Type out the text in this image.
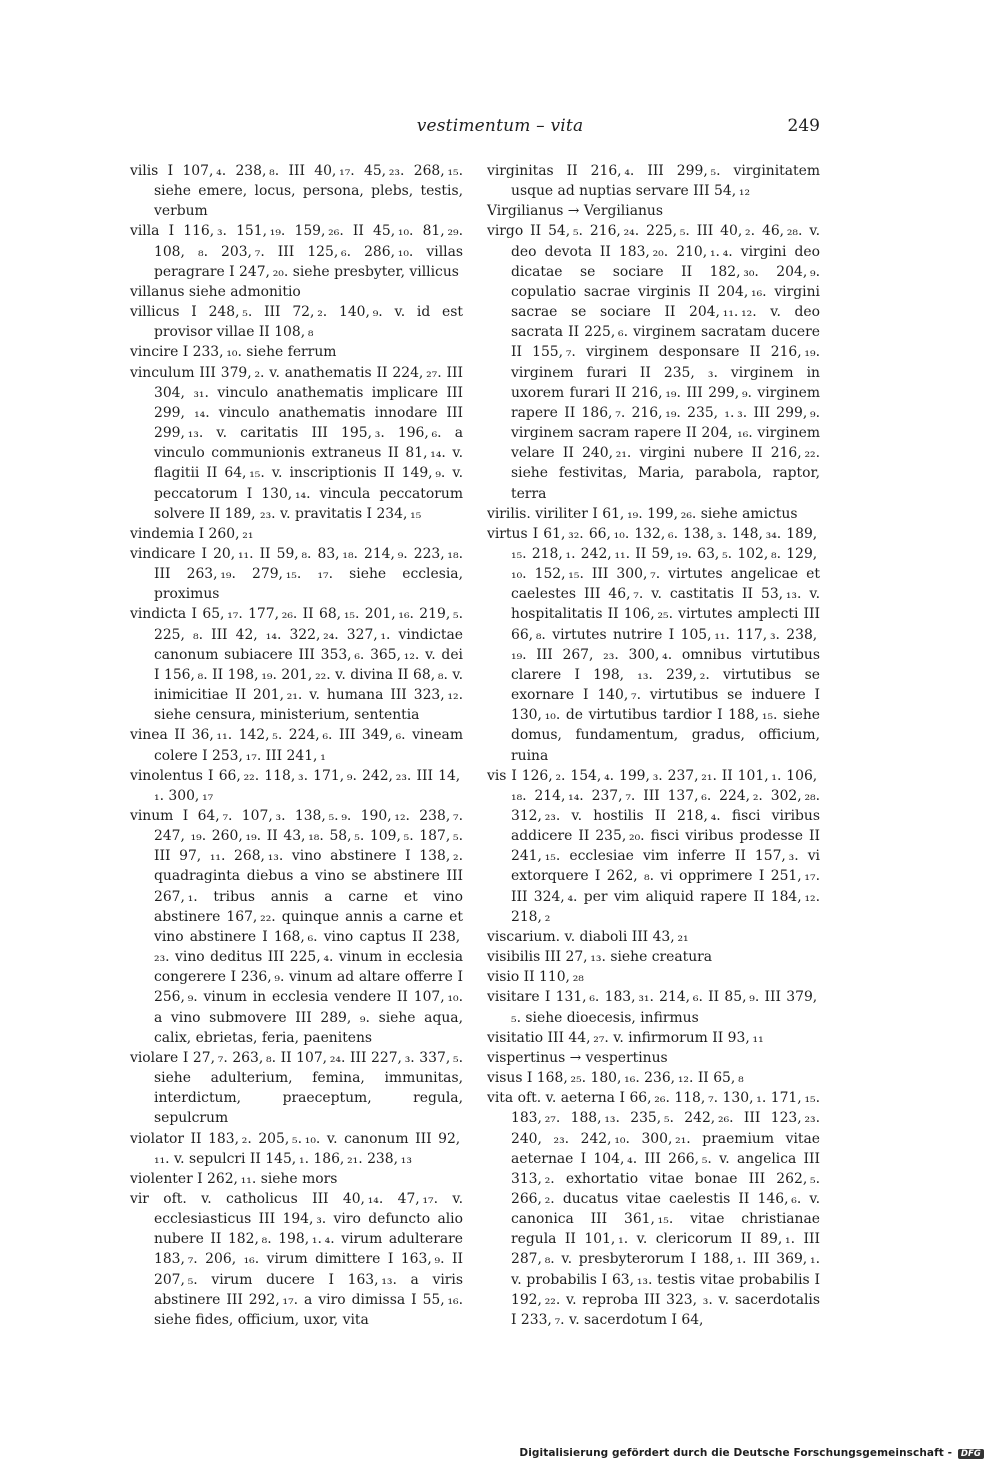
vestimentum – vita	249

vilis I 107, ₄. 238, ₈. III 40, ₁₇. 45, ₂₃. 268, ₁₅. siehe emere, locus, persona, plebs, testis, verbum

villa I 116, ₃. 151, ₁₉. 159, ₂₆. II 45, ₁₀. 81, ₂₉. 108, ₈. 203, ₇. III 125, ₆. 286, ₁₀. villas peragrare I 247, ₂₀. siehe presbyter, villicus

villanus siehe admonitio

villicus I 248, ₅. III 72, ₂. 140, ₉. v. id est provisor villae II 108, ₈

vincire I 233, ₁₀. siehe ferrum

vinculum III 379, ₂. v. anathematis II 224, ₂₇. III 304, ₃₁. vinculo anathematis implicare III 299, ₁₄. vinculo anathematis innodare III 299, ₁₃. v. caritatis III 195, ₃. 196, ₆. a vinculo communionis extraneus II 81, ₁₄. v. flagitii II 64, ₁₅. v. inscriptionis II 149, ₉. v. peccatorum I 130, ₁₄. vincula peccatorum solvere II 189, ₂₃. v. pravitatis I 234, ₁₅

vindemia I 260, ₂₁

vindicare I 20, ₁₁. II 59, ₈. 83, ₁₈. 214, ₉. 223, ₁₈. III 263, ₁₉. 279, ₁₅. ₁₇. siehe ecclesia, proximus

vindicta I 65, ₁₇. 177, ₂₆. II 68, ₁₅. 201, ₁₆. 219, ₅. 225, ₈. III 42, ₁₄. 322, ₂₄. 327, ₁. vindictae canonum subiacere III 353, ₆. 365, ₁₂. v. dei I 156, ₈. II 198, ₁₉. 201, ₂₂. v. divina II 68, ₈. v. inimicitiae II 201, ₂₁. v. humana III 323, ₁₂. siehe censura, ministerium, sententia

vinea II 36, ₁₁. 142, ₅. 224, ₆. III 349, ₆. vineam colere I 253, ₁₇. III 241, ₁

vinolentus I 66, ₂₂. 118, ₃. 171, ₉. 242, ₂₃. III 14, ₁. 300, ₁₇

vinum I 64, ₇. 107, ₃. 138, ₅. ₉. 190, ₁₂. 238, ₇. 247, ₁₉. 260, ₁₉. II 43, ₁₈. 58, ₅. 109, ₅. 187, ₅. III 97, ₁₁. 268, ₁₃. vino abstinere I 138, ₂. quadraginta diebus a vino se abstinere III 267, ₁. tribus annis a carne et vino abstinere 167, ₂₂. quinque annis a carne et vino abstinere I 168, ₆. vino captus II 238, ₂₃. vino deditus III 225, ₄. vinum in ecclesia congerere I 236, ₉. vinum ad altare offerre I 256, ₉. vinum in ecclesia vendere II 107, ₁₀. a vino submovere III 289, ₉. siehe aqua, calix, ebrietas, feria, paenitens

violare I 27, ₇. 263, ₈. II 107, ₂₄. III 227, ₃. 337, ₅. siehe adulterium, femina, immunitas, interdictum, praeceptum, regula, sepulcrum

violator II 183, ₂. 205, ₅. ₁₀. v. canonum III 92, ₁₁. v. sepulcri II 145, ₁. 186, ₂₁. 238, ₁₃

violenter I 262, ₁₁. siehe mors

vir oft. v. catholicus III 40, ₁₄. 47, ₁₇. v. ecclesiasticus III 194, ₃. viro defuncto alio nubere II 182, ₈. 198, ₁. ₄. virum adulterare 183, ₇. 206, ₁₆. virum dimittere I 163, ₉. II 207, ₅. virum ducere I 163, ₁₃. a viris abstinere III 292, ₁₇. a viro dimissa I 55, ₁₆. siehe fides, officium, uxor, vita

virginitas II 216, ₄. III 299, ₅. virginitatem usque ad nuptias servare III 54, ₁₂

Virgilianus → Vergilianus

virgo II 54, ₅. 216, ₂₄. 225, ₅. III 40, ₂. 46, ₂₈. v. deo devota II 183, ₂₀. 210, ₁. ₄. virgini deo dicatae se sociare II 182, ₃₀. 204, ₉. copulatio sacrae virginis II 204, ₁₆. virgini sacrae se sociare II 204, ₁₁. ₁₂. v. deo sacrata II 225, ₆. virginem sacratam ducere II 155, ₇. virginem desponsare II 216, ₁₉. virginem furari II 235, ₃. virginem in uxorem furari II 216, ₁₉. III 299, ₉. virginem rapere II 186, ₇. 216, ₁₉. 235, ₁. ₃. III 299, ₉. virginem sacram rapere II 204, ₁₆. virginem velare II 240, ₂₁. virgini nubere II 216, ₂₂. siehe festivitas, Maria, parabola, raptor, terra

virilis. viriliter I 61, ₁₉. 199, ₂₆. siehe amictus

virtus I 61, ₃₂. 66, ₁₀. 132, ₆. 138, ₃. 148, ₃₄. 189, ₁₅. 218, ₁. 242, ₁₁. II 59, ₁₉. 63, ₅. 102, ₈. 129, ₁₀. 152, ₁₅. III 300, ₇. virtutes angelicae et caelestes III 46, ₇. v. castitatis II 53, ₁₃. v. hospitalitatis II 106, ₂₅. virtutes amplecti III 66, ₈. virtutes nutrire I 105, ₁₁. 117, ₃. 238, ₁₉. III 267, ₂₃. 300, ₄. omnibus virtutibus clarere I 198, ₁₃. 239, ₂. virtutibus se exornare I 140, ₇. virtutibus se induere I 130, ₁₀. de virtutibus tardior I 188, ₁₅. siehe domus, fundamentum, gradus, officium, ruina

vis I 126, ₂. 154, ₄. 199, ₃. 237, ₂₁. II 101, ₁. 106, ₁₈. 214, ₁₄. 237, ₇. III 137, ₆. 224, ₂. 302, ₂₈. 312, ₂₃. v. hostilis II 218, ₄. fisci viribus addicere II 235, ₂₀. fisci viribus prodesse II 241, ₁₅. ecclesiae vim inferre II 157, ₃. vi extorquere I 262, ₈. vi opprimere I 251, ₁₇. III 324, ₄. per vim aliquid rapere II 184, ₁₂. 218, ₂

viscarium. v. diaboli III 43, ₂₁

visibilis III 27, ₁₃. siehe creatura

visio II 110, ₂₈

visitare I 131, ₆. 183, ₃₁. 214, ₆. II 85, ₉. III 379, ₅. siehe dioecesis, infirmus

visitatio III 44, ₂₇. v. infirmorum II 93, ₁₁

vispertinus → vespertinus

visus I 168, ₂₅. 180, ₁₆. 236, ₁₂. II 65, ₈

vita oft. v. aeterna I 66, ₂₆. 118, ₇. 130, ₁. 171, ₁₅. 183, ₂₇. 188, ₁₃. 235, ₅. 242, ₂₆. III 123, ₂₃. 240, ₂₃. 242, ₁₀. 300, ₂₁. praemium vitae aeternae I 104, ₄. III 266, ₅. v. angelica III 313, ₂. exhortatio vitae bonae III 262, ₅. 266, ₂. ducatus vitae caelestis II 146, ₆. v. canonica III 361, ₁₅. vitae christianae regula II 101, ₁. v. clericorum II 89, ₁. III 287, ₈. v. presbyterorum I 188, ₁. III 369, ₁. v. probabilis I 63, ₁₃. testis vitae probabilis I 192, ₂₂. v. reproba III 323, ₃. v. sacerdotalis I 233, ₇. v. sacerdotum I 64,

Digitalisierung gefördert durch die Deutsche Forschungsgemeinschaft - DFG
